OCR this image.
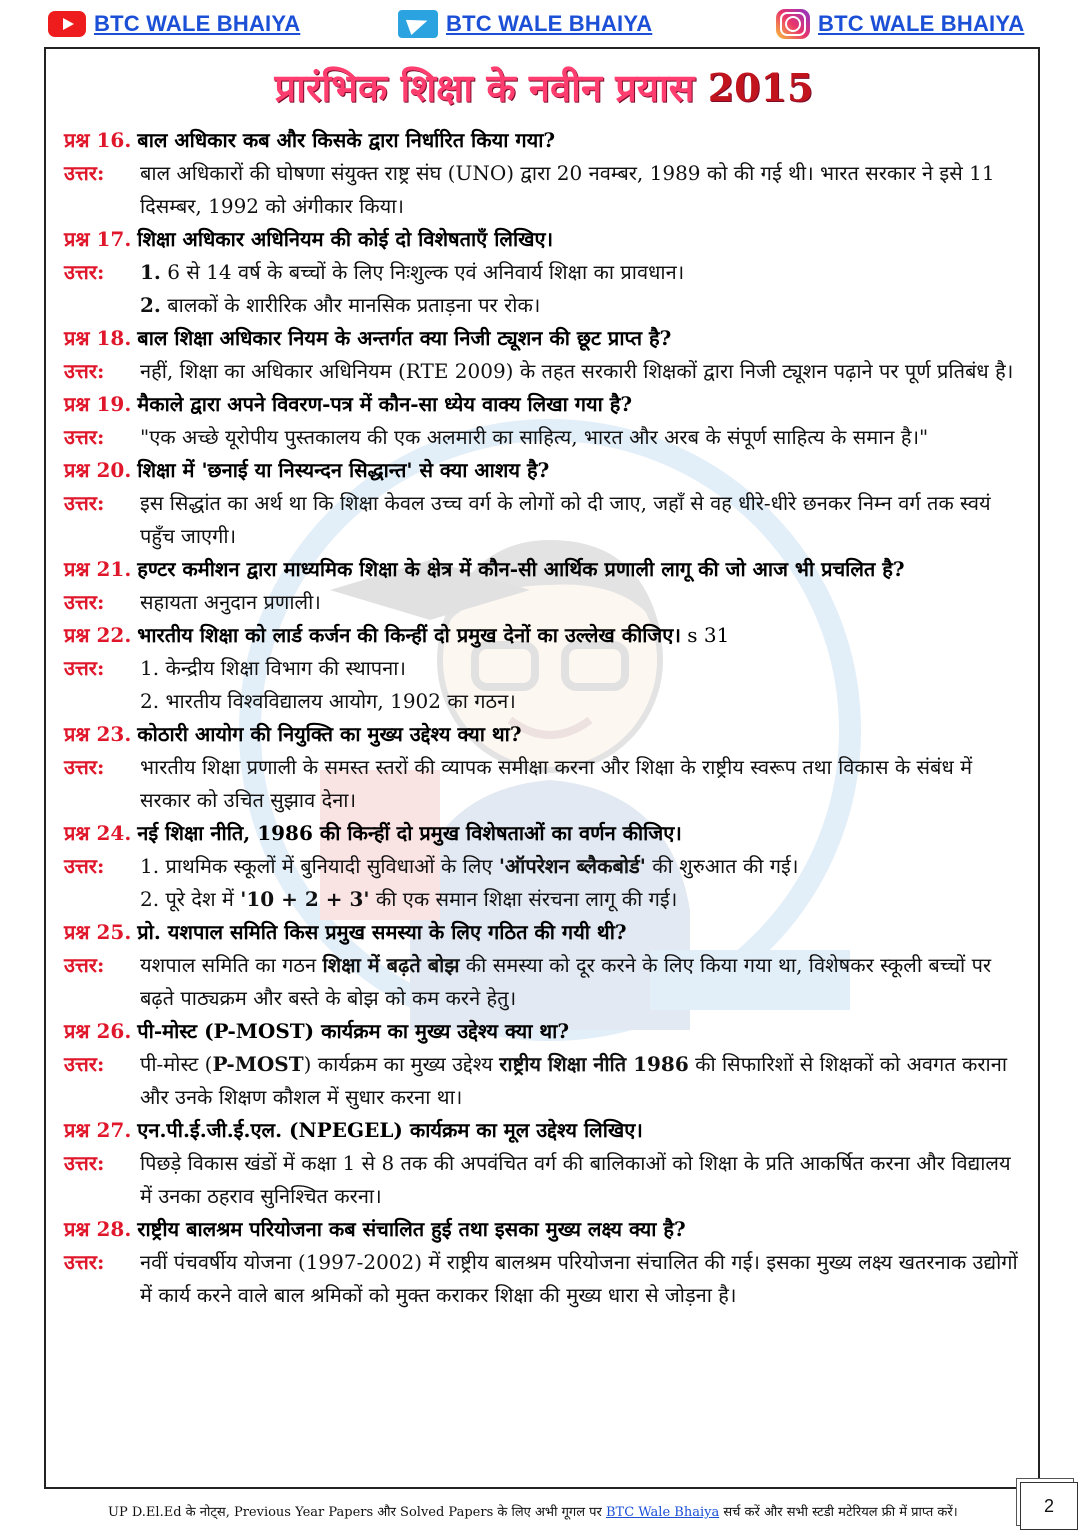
BTC WALE BHAIYA	BTC WALE BHAIYA	BTC WALE BHAIYA
प्रारंभिक शिक्षा के नवीन प्रयास 2015
प्रश्न 16. बाल अधिकार कब और किसके द्वारा निर्धारित किया गया?
उत्तर:	बाल अधिकारों की घोषणा संयुक्त राष्ट्र संघ (UNO) द्वारा 20 नवम्बर, 1989 को की गई थी। भारत सरकार ने इसे 11 दिसम्बर, 1992 को अंगीकार किया।
प्रश्न 17. शिक्षा अधिकार अधिनियम की कोई दो विशेषताएँ लिखिए।
उत्तर:	1. 6 से 14 वर्ष के बच्चों के लिए निःशुल्क एवं अनिवार्य शिक्षा का प्रावधान।
2. बालकों के शारीरिक और मानसिक प्रताड़ना पर रोक।
प्रश्न 18. बाल शिक्षा अधिकार नियम के अन्तर्गत क्या निजी ट्यूशन की छूट प्राप्त है?
उत्तर:	नहीं, शिक्षा का अधिकार अधिनियम (RTE 2009) के तहत सरकारी शिक्षकों द्वारा निजी ट्यूशन पढ़ाने पर पूर्ण प्रतिबंध है।
प्रश्न 19. मैकाले द्वारा अपने विवरण-पत्र में कौन-सा ध्येय वाक्य लिखा गया है?
उत्तर:	"एक अच्छे यूरोपीय पुस्तकालय की एक अलमारी का साहित्य, भारत और अरब के संपूर्ण साहित्य के समान है।"
प्रश्न 20. शिक्षा में 'छनाई या निस्यन्दन सिद्धान्त' से क्या आशय है?
उत्तर:	इस सिद्धांत का अर्थ था कि शिक्षा केवल उच्च वर्ग के लोगों को दी जाए, जहाँ से वह धीरे-धीरे छनकर निम्न वर्ग तक स्वयं पहुँच जाएगी।
प्रश्न 21. हण्टर कमीशन द्वारा माध्यमिक शिक्षा के क्षेत्र में कौन-सी आर्थिक प्रणाली लागू की जो आज भी प्रचलित है?
उत्तर:	सहायता अनुदान प्रणाली।
प्रश्न 22. भारतीय शिक्षा को लार्ड कर्जन की किन्हीं दो प्रमुख देनों का उल्लेख कीजिए। s 31
उत्तर:	1. केन्द्रीय शिक्षा विभाग की स्थापना।
2. भारतीय विश्वविद्यालय आयोग, 1902 का गठन।
प्रश्न 23. कोठारी आयोग की नियुक्ति का मुख्य उद्देश्य क्या था?
उत्तर:	भारतीय शिक्षा प्रणाली के समस्त स्तरों की व्यापक समीक्षा करना और शिक्षा के राष्ट्रीय स्वरूप तथा विकास के संबंध में सरकार को उचित सुझाव देना।
प्रश्न 24. नई शिक्षा नीति, 1986 की किन्हीं दो प्रमुख विशेषताओं का वर्णन कीजिए।
उत्तर:	1. प्राथमिक स्कूलों में बुनियादी सुविधाओं के लिए 'ऑपरेशन ब्लैकबोर्ड' की शुरुआत की गई।
2. पूरे देश में '10 + 2 + 3' की एक समान शिक्षा संरचना लागू की गई।
प्रश्न 25. प्रो. यशपाल समिति किस प्रमुख समस्या के लिए गठित की गयी थी?
उत्तर:	यशपाल समिति का गठन शिक्षा में बढ़ते बोझ की समस्या को दूर करने के लिए किया गया था, विशेषकर स्कूली बच्चों पर बढ़ते पाठ्यक्रम और बस्ते के बोझ को कम करने हेतु।
प्रश्न 26. पी-मोस्ट (P-MOST) कार्यक्रम का मुख्य उद्देश्य क्या था?
उत्तर:	पी-मोस्ट (P-MOST) कार्यक्रम का मुख्य उद्देश्य राष्ट्रीय शिक्षा नीति 1986 की सिफारिशों से शिक्षकों को अवगत कराना और उनके शिक्षण कौशल में सुधार करना था।
प्रश्न 27. एन.पी.ई.जी.ई.एल. (NPEGEL) कार्यक्रम का मूल उद्देश्य लिखिए।
उत्तर:	पिछड़े विकास खंडों में कक्षा 1 से 8 तक की अपवंचित वर्ग की बालिकाओं को शिक्षा के प्रति आकर्षित करना और विद्यालय में उनका ठहराव सुनिश्चित करना।
प्रश्न 28. राष्ट्रीय बालश्रम परियोजना कब संचालित हुई तथा इसका मुख्य लक्ष्य क्या है?
उत्तर:	नवीं पंचवर्षीय योजना (1997-2002) में राष्ट्रीय बालश्रम परियोजना संचालित की गई। इसका मुख्य लक्ष्य खतरनाक उद्योगों में कार्य करने वाले बाल श्रमिकों को मुक्त कराकर शिक्षा की मुख्य धारा से जोड़ना है।
UP D.El.Ed के नोट्स, Previous Year Papers और Solved Papers के लिए अभी गूगल पर BTC Wale Bhaiya सर्च करें और सभी स्टडी मटेरियल फ्री में प्राप्त करें।	2
